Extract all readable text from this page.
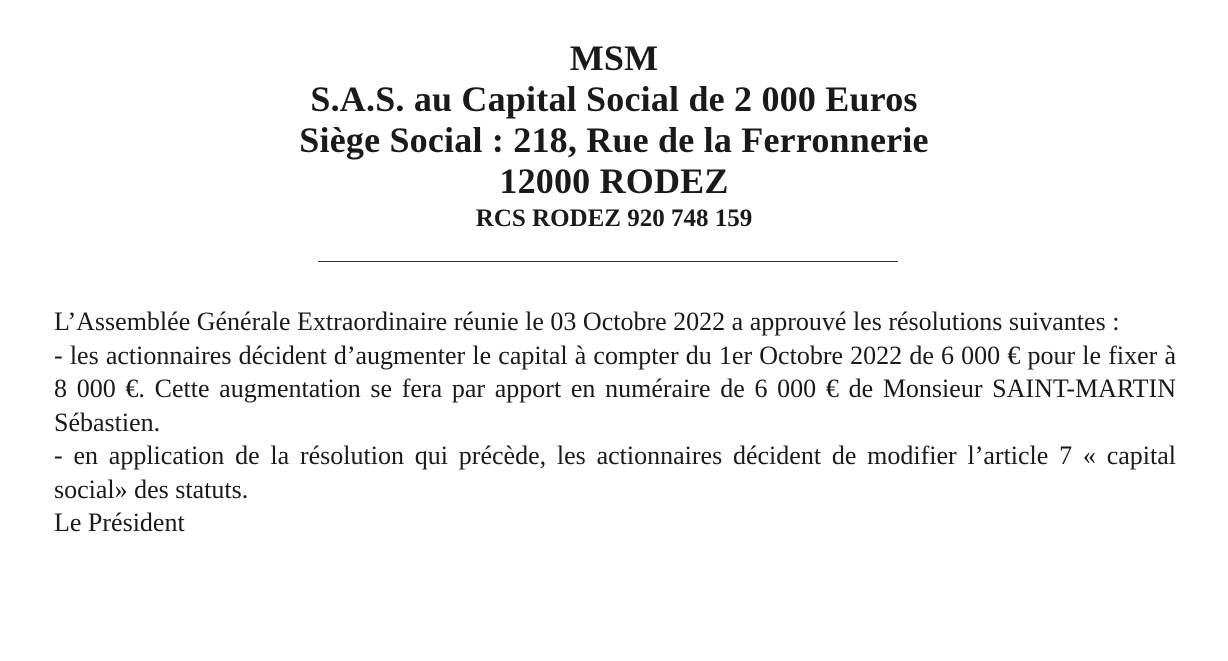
MSM
S.A.S. au Capital Social de 2 000 Euros
Siège Social : 218, Rue de la Ferronnerie
12000 RODEZ
RCS RODEZ 920 748 159

L’Assemblée Générale Extraordinaire réunie le 03 Octobre 2022 a approuvé les résolutions suivantes :

- les actionnaires décident d’augmenter le capital à compter du 1er Octobre 2022 de 6 000 € pour le fixer à 8 000 €. Cette augmentation se fera par apport en numéraire de 6 000 € de Monsieur SAINT-MARTIN Sébastien.

- en application de la résolution qui précède, les actionnaires décident de modifier l’article 7 « capital social» des statuts.

Le Président
